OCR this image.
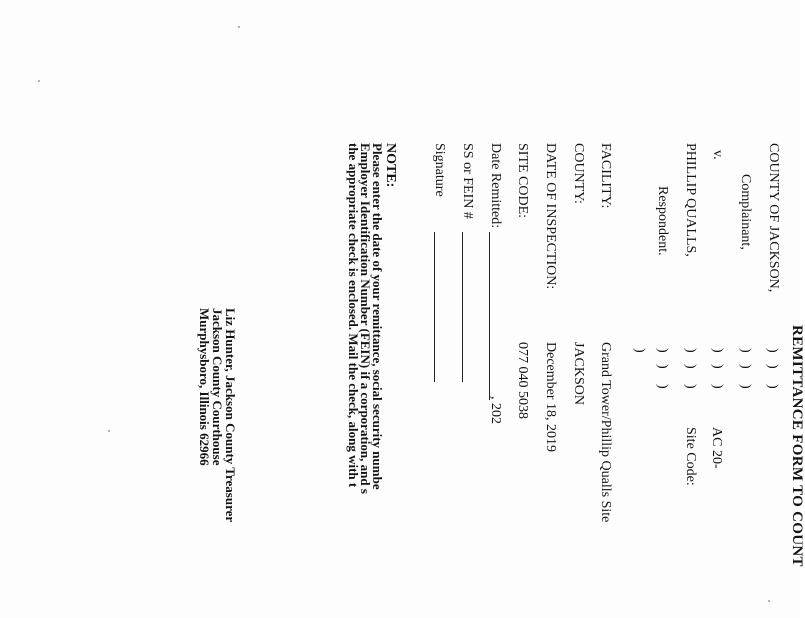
REMITTANCE FORM TO COUNT
COUNTY OF JACKSON,
Complainant,
v.
PHILLIP QUALLS,
Respondent.
)
)
)
)
)
)
)
)
)
)
)
)
)
)
)
)
AC 20-
Site Code:
FACILITY:
Grand Tower/Phillip Qualls Site
COUNTY:
JACKSON
DATE OF INSPECTION:
December 18, 2019
SITE CODE:
077 040 5038
Date Remitted:
, 202
SS or FEIN #
Signature
NOTE:
Please enter the date of your remittance, social security numbe
Employer Identification Number (FEIN) if a corporation, and s
the appropriate check is enclosed. Mail the check, along with t
Liz Hunter, Jackson County Treasurer
Jackson County Courthouse
Murphysboro, Illinois 62966
